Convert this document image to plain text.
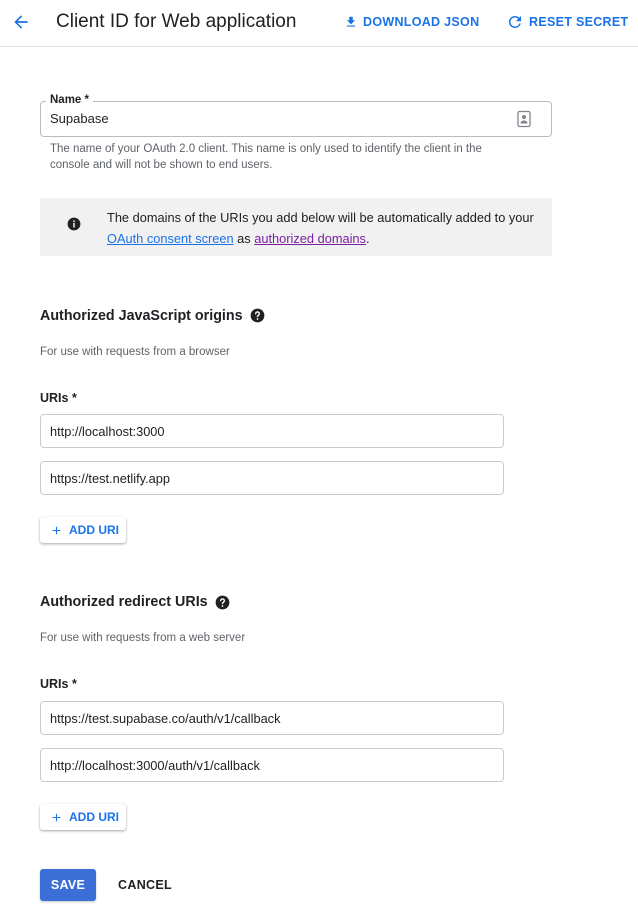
Client ID for Web application	DOWNLOAD JSON	RESET SECRET
Name *
Supabase
The name of your OAuth 2.0 client. This name is only used to identify the client in the console and will not be shown to end users.
The domains of the URIs you add below will be automatically added to your OAuth consent screen as authorized domains.
Authorized JavaScript origins
For use with requests from a browser
URIs *
http://localhost:3000
https://test.netlify.app
ADD URI
Authorized redirect URIs
For use with requests from a web server
URIs *
https://test.supabase.co/auth/v1/callback
http://localhost:3000/auth/v1/callback
ADD URI
SAVE	CANCEL
